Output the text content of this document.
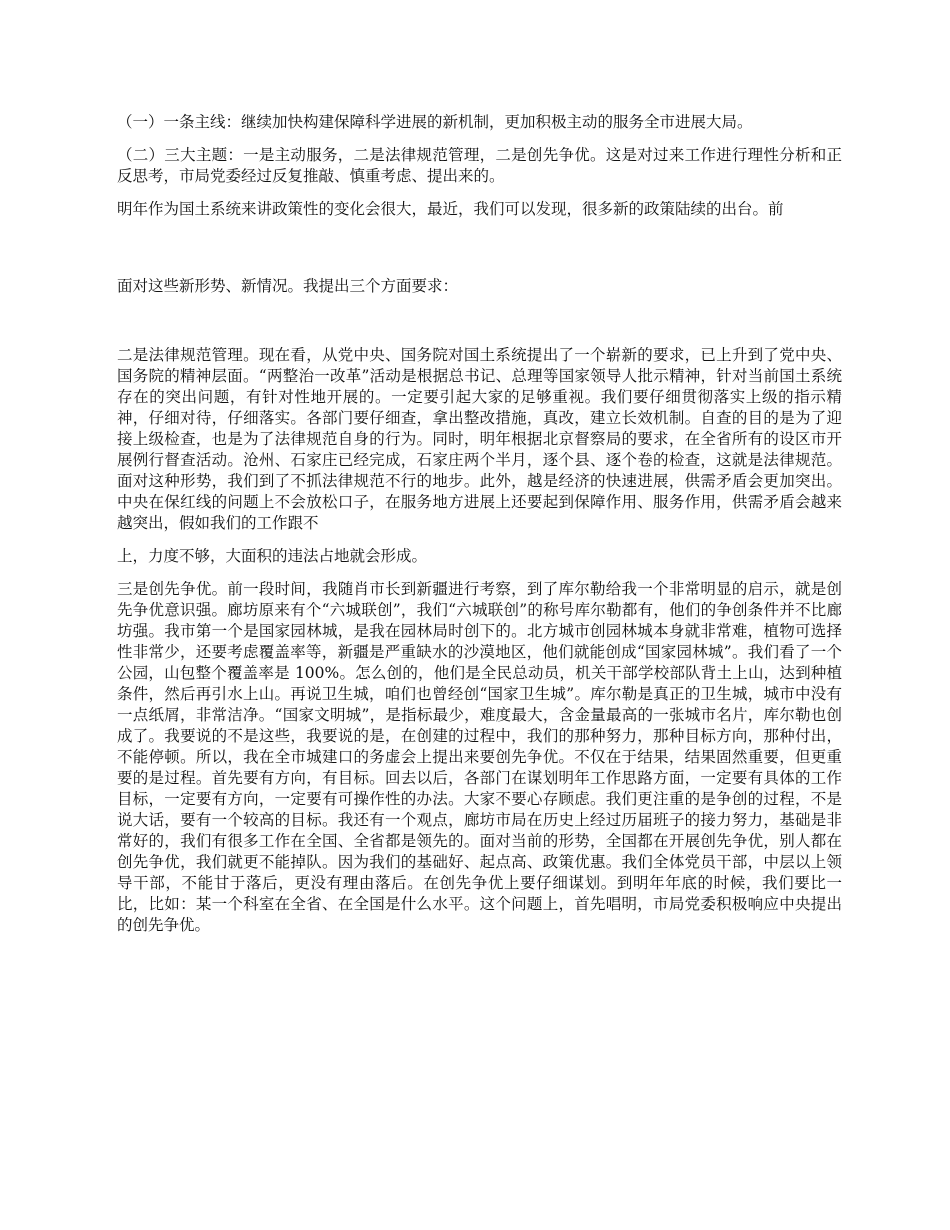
（一）一条主线：继续加快构建保障科学进展的新机制，更加积极主动的服务全市进展大局。

（二）三大主题：一是主动服务，二是法律规范管理，二是创先争优。这是对过来工作进行理性分析和正反思考，市局党委经过反复推敲、慎重考虑、提出来的。

明年作为国土系统来讲政策性的变化会很大，最近，我们可以发现，很多新的政策陆续的出台。前

面对这些新形势、新情况。我提出三个方面要求：

二是法律规范管理。现在看，从党中央、国务院对国土系统提出了一个崭新的要求，已上升到了党中央、国务院的精神层面。“两整治一改革”活动是根据总书记、总理等国家领导人批示精神，针对当前国土系统存在的突出问题，有针对性地开展的。一定要引起大家的足够重视。我们要仔细贯彻落实上级的指示精神，仔细对待，仔细落实。各部门要仔细查，拿出整改措施，真改，建立长效机制。自查的目的是为了迎接上级检查，也是为了法律规范自身的行为。同时，明年根据北京督察局的要求，在全省所有的设区市开展例行督查活动。沧州、石家庄已经完成，石家庄两个半月，逐个县、逐个卷的检查，这就是法律规范。面对这种形势，我们到了不抓法律规范不行的地步。此外，越是经济的快速进展，供需矛盾会更加突出。中央在保红线的问题上不会放松口子，在服务地方进展上还要起到保障作用、服务作用，供需矛盾会越来越突出，假如我们的工作跟不

上，力度不够，大面积的违法占地就会形成。

三是创先争优。前一段时间，我随肖市长到新疆进行考察，到了库尔勒给我一个非常明显的启示，就是创先争优意识强。廊坊原来有个“六城联创”，我们“六城联创”的称号库尔勒都有，他们的争创条件并不比廊坊强。我市第一个是国家园林城，是我在园林局时创下的。北方城市创园林城本身就非常难，植物可选择性非常少，还要考虑覆盖率等，新疆是严重缺水的沙漠地区，他们就能创成“国家园林城”。我们看了一个公园，山包整个覆盖率是 100%。怎么创的，他们是全民总动员，机关干部学校部队背土上山，达到种植条件，然后再引水上山。再说卫生城，咱们也曾经创“国家卫生城”。库尔勒是真正的卫生城，城市中没有一点纸屑，非常洁净。“国家文明城”，是指标最少，难度最大，含金量最高的一张城市名片，库尔勒也创成了。我要说的不是这些，我要说的是，在创建的过程中，我们的那种努力，那种目标方向，那种付出，不能停顿。所以，我在全市城建口的务虚会上提出来要创先争优。不仅在于结果，结果固然重要，但更重要的是过程。首先要有方向，有目标。回去以后，各部门在谋划明年工作思路方面，一定要有具体的工作目标，一定要有方向，一定要有可操作性的办法。大家不要心存顾虑。我们更注重的是争创的过程，不是说大话，要有一个较高的目标。我还有一个观点，廊坊市局在历史上经过历届班子的接力努力，基础是非常好的，我们有很多工作在全国、全省都是领先的。面对当前的形势，全国都在开展创先争优，别人都在创先争优，我们就更不能掉队。因为我们的基础好、起点高、政策优惠。我们全体党员干部，中层以上领导干部，不能甘于落后，更没有理由落后。在创先争优上要仔细谋划。到明年年底的时候，我们要比一比，比如：某一个科室在全省、在全国是什么水平。这个问题上，首先唱明，市局党委积极响应中央提出的创先争优。
